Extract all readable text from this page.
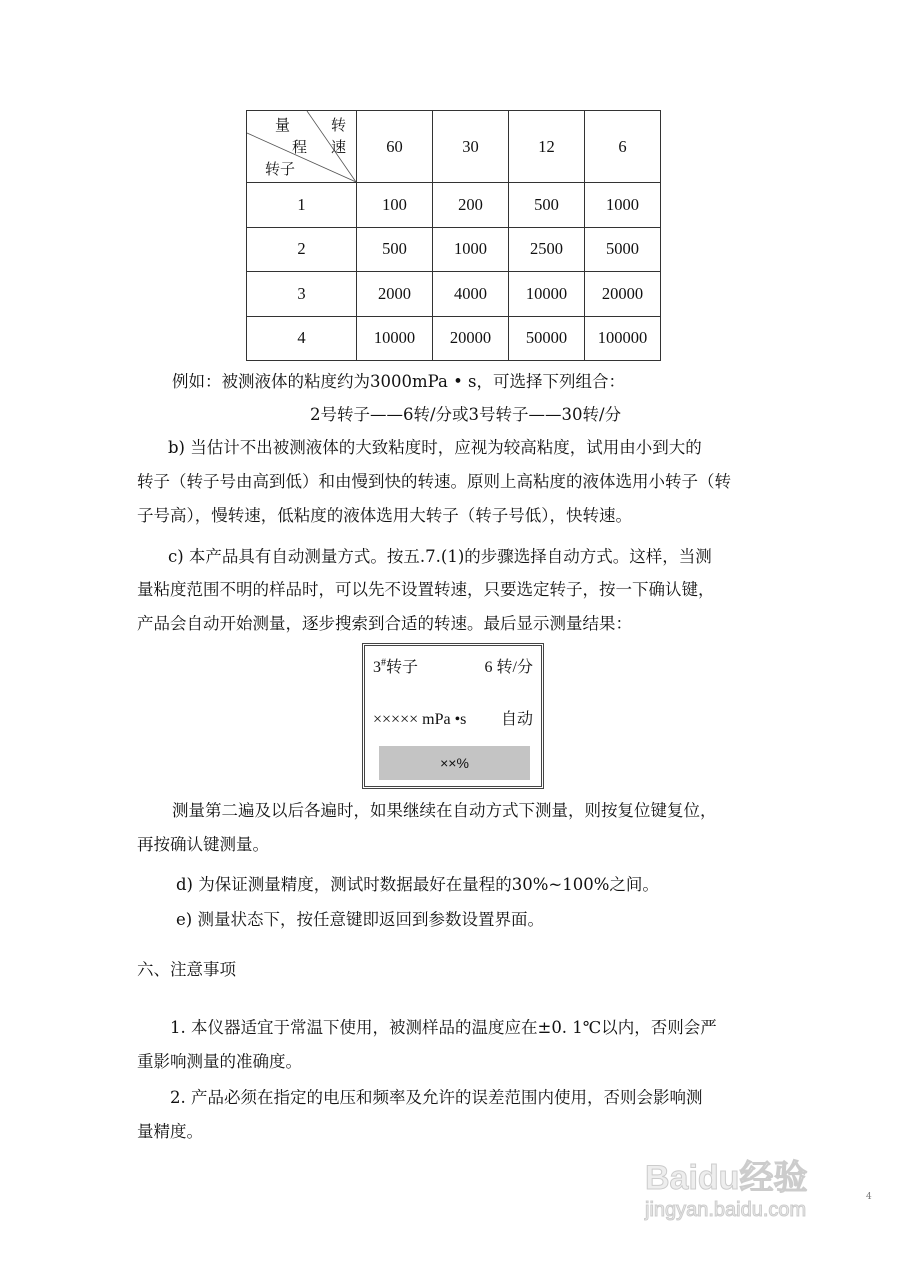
量
程
转
速
转子	60	30	12	6
1	100	200	500	1000
2	500	1000	2500	5000
3	2000	4000	10000	20000
4	10000	20000	50000	100000
例如：被测液体的粘度约为3000mPa • s，可选择下列组合：
2号转子——6转/分或3号转子——30转/分
b) 当估计不出被测液体的大致粘度时，应视为较高粘度，试用由小到大的
转子（转子号由高到低）和由慢到快的转速。原则上高粘度的液体选用小转子（转
子号高），慢转速，低粘度的液体选用大转子（转子号低），快转速。
c) 本产品具有自动测量方式。按五.7.(1)的步骤选择自动方式。这样，当测
量粘度范围不明的样品时，可以先不设置转速，只要选定转子，按一下确认键，
产品会自动开始测量，逐步搜索到合适的转速。最后显示测量结果：
3#转子	6 转/分
××××× mPa •s 自动
××%
测量第二遍及以后各遍时，如果继续在自动方式下测量，则按复位键复位，
再按确认键测量。
d) 为保证测量精度，测试时数据最好在量程的30%~100%之间。
e) 测量状态下，按任意键即返回到参数设置界面。
六、注意事项
1. 本仪器适宜于常温下使用，被测样品的温度应在±0. 1℃以内，否则会严
重影响测量的准确度。
2. 产品必须在指定的电压和频率及允许的误差范围内使用，否则会影响测
量精度。
Baidu经验
jingyan.baidu.com
4
